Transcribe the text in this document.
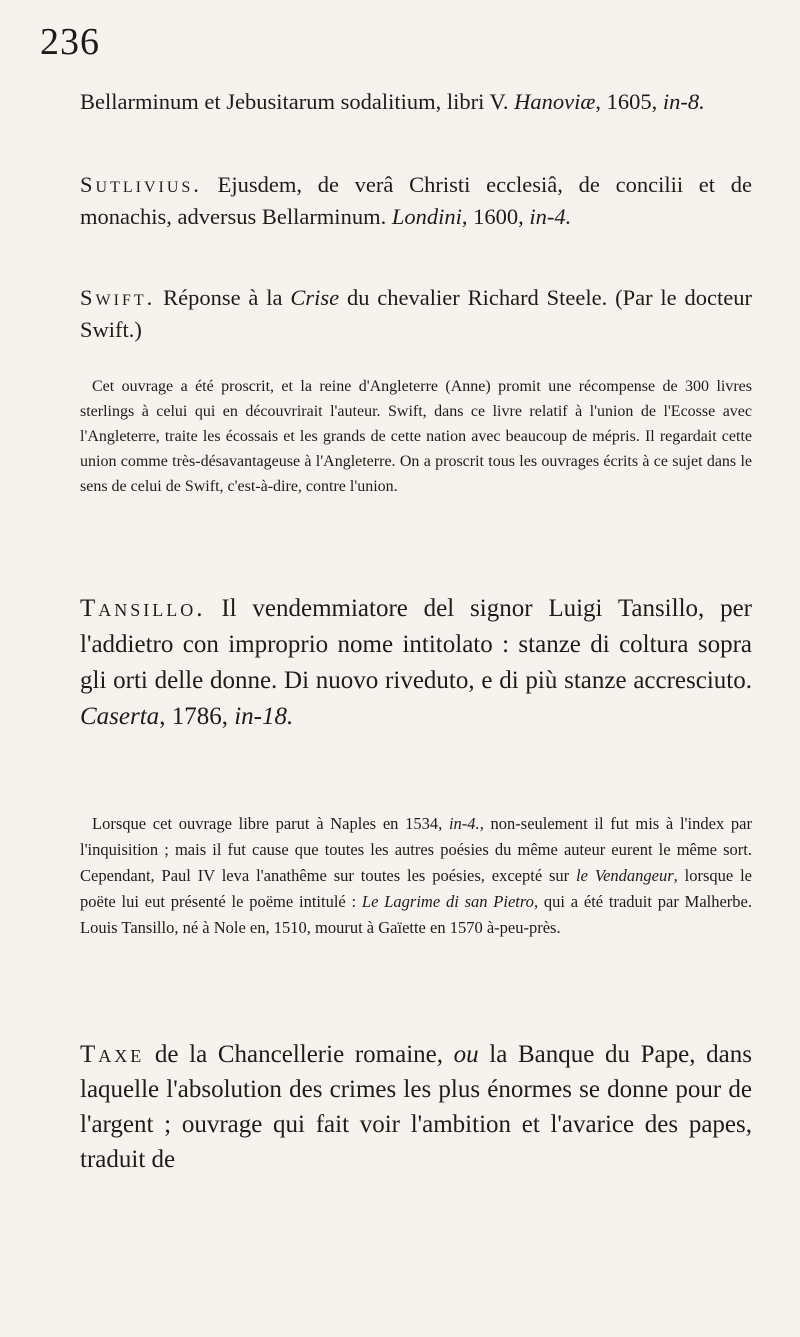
236

Bellarminum et Jebusitarum sodalitium, libri V. Hanoviæ, 1605, in-8.

Sutlivius. Ejusdem, de verâ Christi ecclesiâ, de concilii et de monachis, adversus Bellarminum. Londini, 1600, in-4.

Swift. Réponse à la Crise du chevalier Richard Steele. (Par le docteur Swift.)

Cet ouvrage a été proscrit, et la reine d'Angleterre (Anne) promit une récompense de 300 livres sterlings à celui qui en découvrirait l'auteur. Swift, dans ce livre relatif à l'union de l'Ecosse avec l'Angleterre, traite les écossais et les grands de cette nation avec beaucoup de mépris. Il regardait cette union comme très-désavantageuse à l'Angleterre. On a proscrit tous les ouvrages écrits à ce sujet dans le sens de celui de Swift, c'est-à-dire, contre l'union.

Tansillo. Il vendemmiatore del signor Luigi Tansillo, per l'addietro con improprio nome intitolato : stanze di coltura sopra gli orti delle donne. Di nuovo riveduto, e di più stanze accresciuto. Caserta, 1786, in-18.

Lorsque cet ouvrage libre parut à Naples en 1534, in-4., non-seulement il fut mis à l'index par l'inquisition ; mais il fut cause que toutes les autres poésies du même auteur eurent le même sort. Cependant, Paul IV leva l'anathême sur toutes les poésies, excepté sur le Vendangeur, lorsque le poëte lui eut présenté le poëme intitulé : Le Lagrime di san Pietro, qui a été traduit par Malherbe. Louis Tansillo, né à Nole en, 1510, mourut à Gaïette en 1570 à-peu-près.

Taxe de la Chancellerie romaine, ou la Banque du Pape, dans laquelle l'absolution des crimes les plus énormes se donne pour de l'argent ; ouvrage qui fait voir l'ambition et l'avarice des papes, traduit de
